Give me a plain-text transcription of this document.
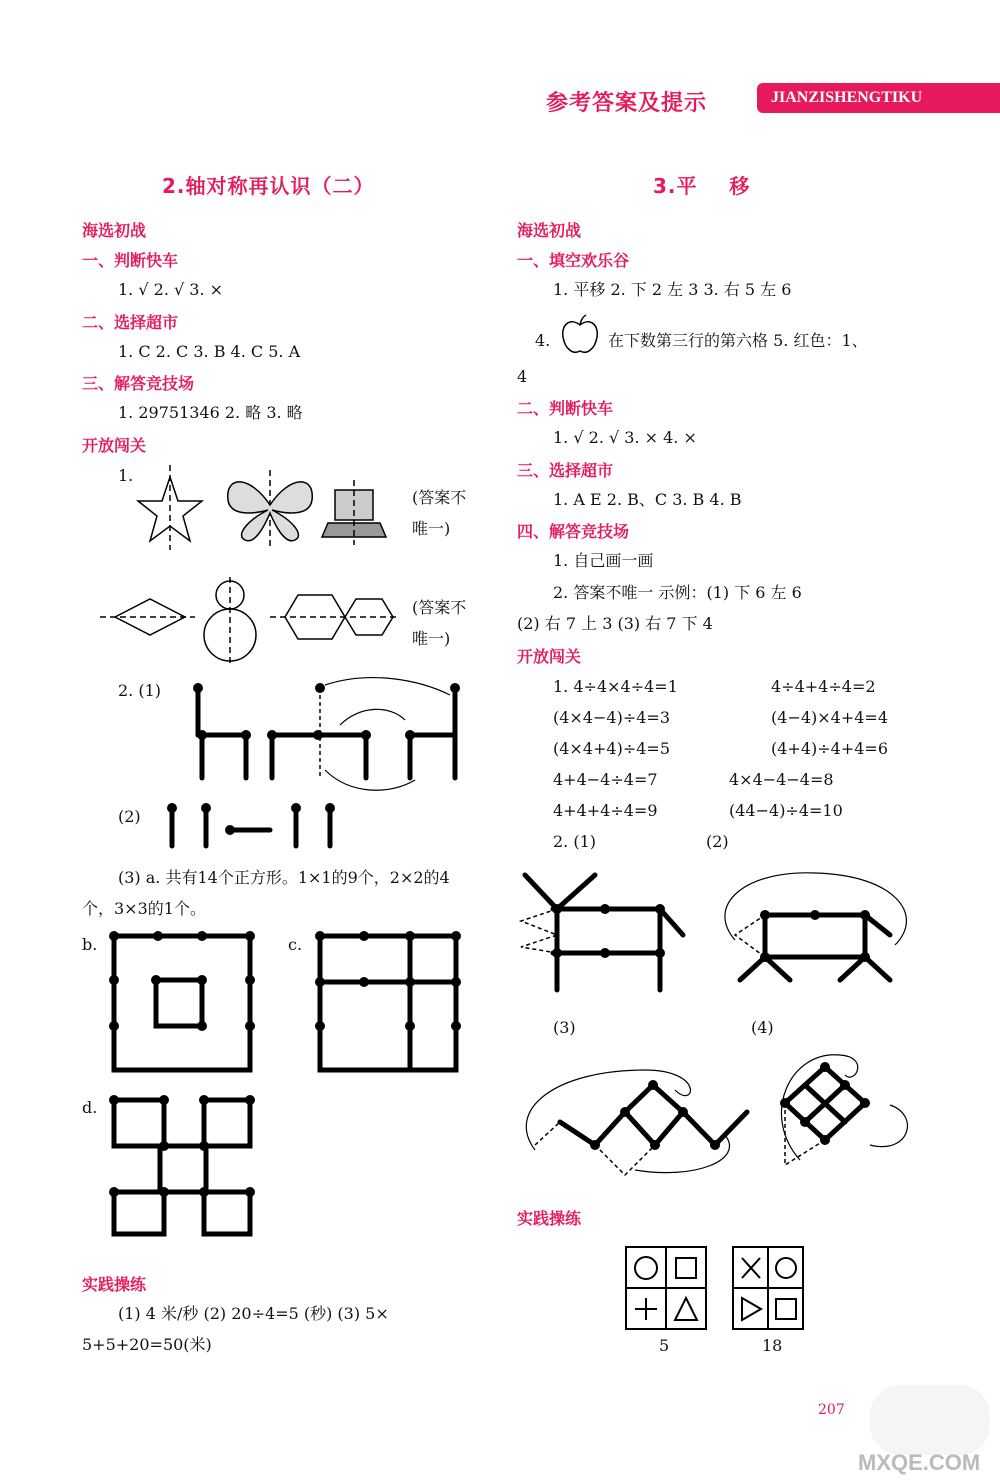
参考答案及提示	JIANZISHENGTIKU
2.轴对称再认识（二）
海选初战
一、判断快车
1. √ 2. √ 3. ×
二、选择超市
1. C 2. C 3. B 4. C 5. A
三、解答竞技场
1. 29751346 2. 略 3. 略
开放闯关
1.
(答案不
唯一)
(答案不
唯一)
2. (1)
(2)
(3) a. 共有14个正方形。1×1的9个，2×2的4
个，3×3的1个。
b.	c.
d.
实践操练
(1) 4 米/秒 (2) 20÷4=5 (秒) (3) 5×
5+5+20=50(米)
3.平    移
海选初战
一、填空欢乐谷
1. 平移 2. 下 2 左 3 3. 右 5 左 6
4.	在下数第三行的第六格 5. 红色：1、
4
二、判断快车
1. √ 2. √ 3. × 4. ×
三、选择超市
1. A E 2. B、C 3. B 4. B
四、解答竞技场
1. 自己画一画
2. 答案不唯一 示例：(1) 下 6 左 6
(2) 右 7 上 3 (3) 右 7 下 4
开放闯关
1. 4÷4×4÷4=1	4÷4+4÷4=2
(4×4−4)÷4=3	(4−4)×4+4=4
(4×4+4)÷4=5	(4+4)÷4+4=6
4+4−4÷4=7	4×4−4−4=8
4+4+4÷4=9	(44−4)÷4=10
2. (1)	(2)
(3)	(4)
实践操练
5	18
207
MXQE.COM
